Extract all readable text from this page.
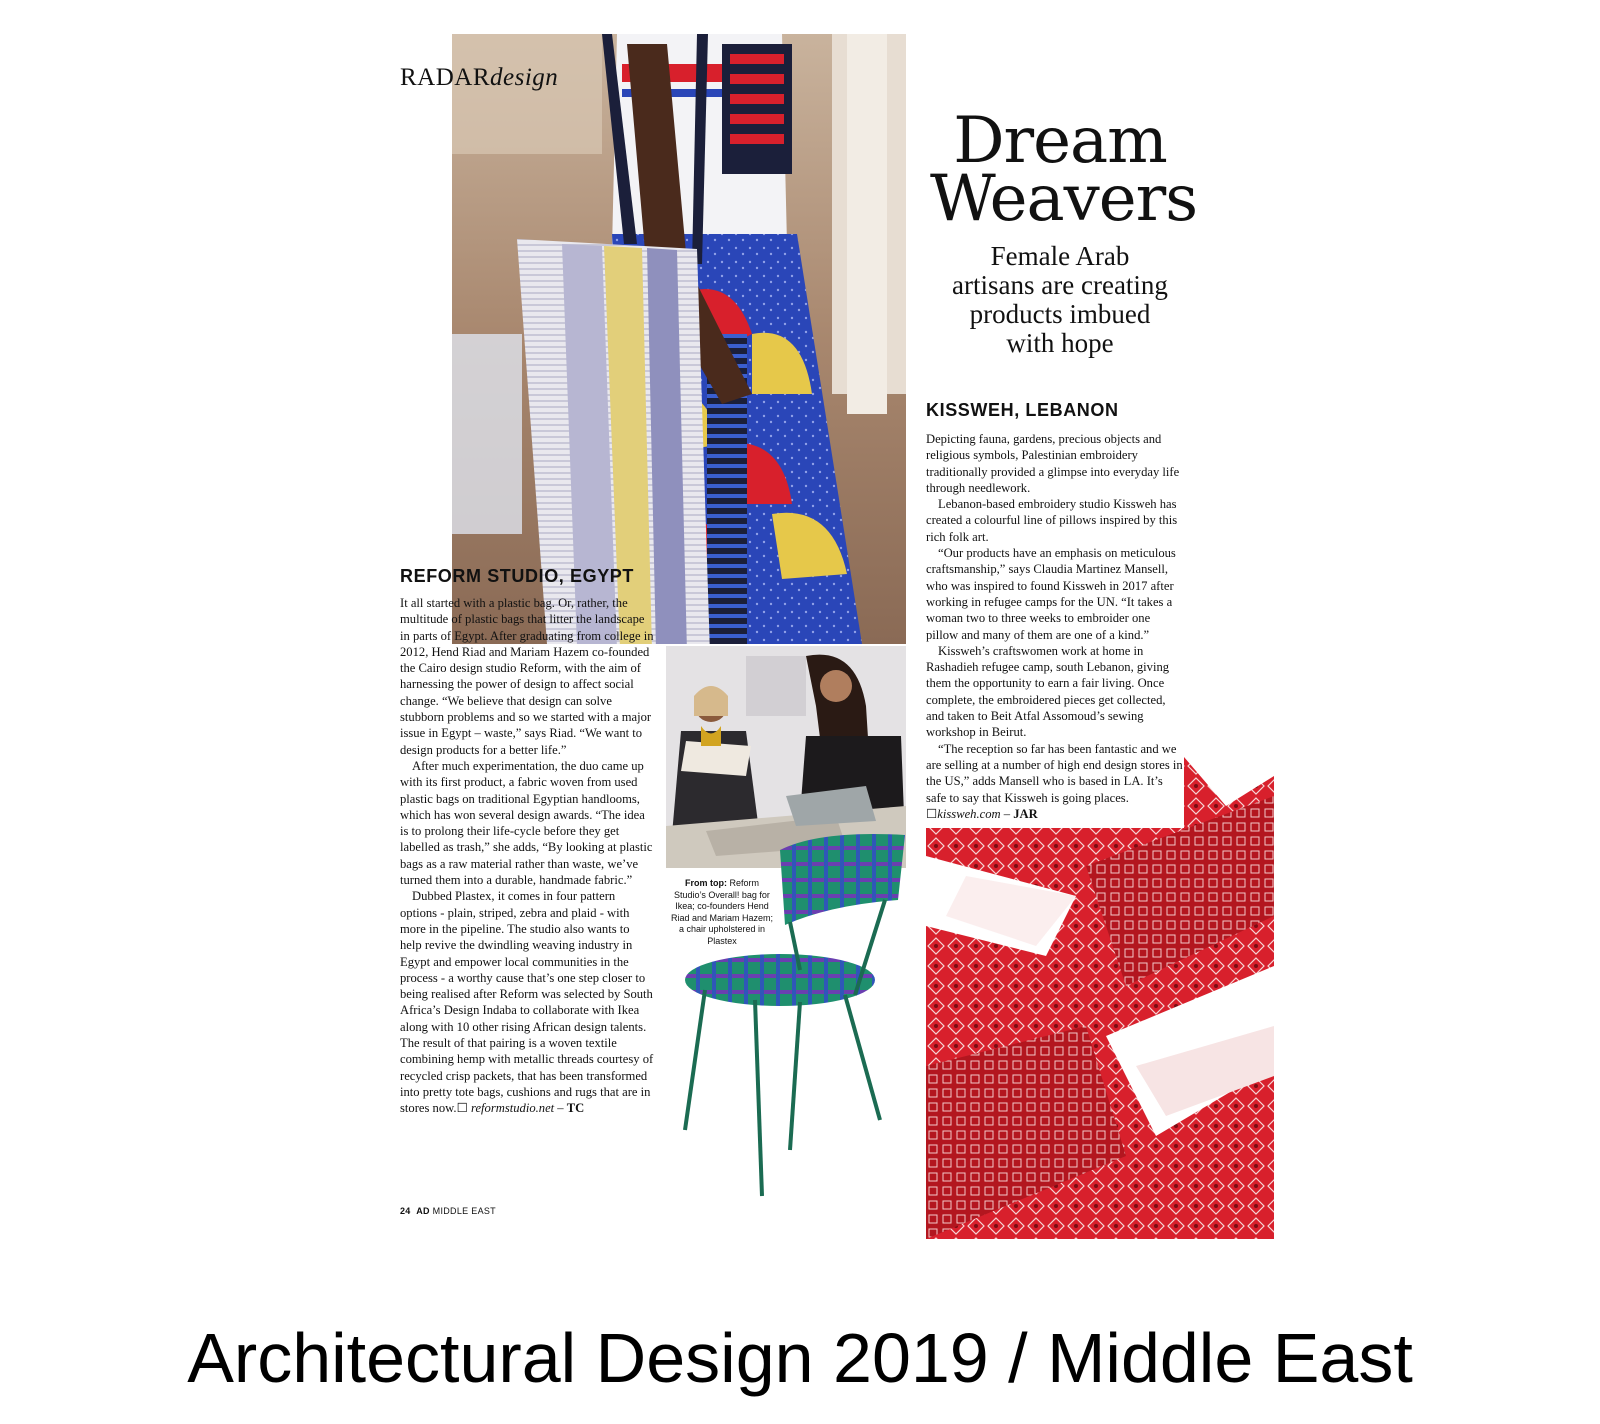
RADARdesign
Dream
Weavers
Female Arab
artisans are creating
products imbued
with hope
KISSWEH, LEBANON

Depicting fauna, gardens, precious objects and religious symbols, Palestinian embroidery traditionally provided a glimpse into everyday life through needlework.

Lebanon-based embroidery studio Kissweh has created a colourful line of pillows inspired by this rich folk art.

“Our products have an emphasis on meticulous craftsmanship,” says Claudia Martinez Mansell, who was inspired to found Kissweh in 2017 after working in refugee camps for the UN. “It takes a woman two to three weeks to embroider one pillow and many of them are one of a kind.”

Kissweh’s craftswomen work at home in Rashadieh refugee camp, south Lebanon, giving them the opportunity to earn a fair living. Once complete, the embroidered pieces get collected, and taken to Beit Atfal Assomoud’s sewing workshop in Beirut.

“The reception so far has been fantastic and we are selling at a number of high end design stores in the US,” adds Mansell who is based in LA. It’s safe to say that Kissweh is going places. ☐kissweh.com – JAR

REFORM STUDIO, EGYPT

It all started with a plastic bag. Or, rather, the multitude of plastic bags that litter the landscape in parts of Egypt. After graduating from college in 2012, Hend Riad and Mariam Hazem co-founded the Cairo design studio Reform, with the aim of harnessing the power of design to affect social change. “We believe that design can solve stubborn problems and so we started with a major issue in Egypt – waste,” says Riad. “We want to design products for a better life.”

After much experimentation, the duo came up with its first product, a fabric woven from used plastic bags on traditional Egyptian handlooms, which has won several design awards. “The idea is to prolong their life-cycle before they get labelled as trash,” she adds, “By looking at plastic bags as a raw material rather than waste, we’ve turned them into a durable, handmade fabric.”

Dubbed Plastex, it comes in four pattern options - plain, striped, zebra and plaid - with more in the pipeline. The studio also wants to help revive the dwindling weaving industry in Egypt and empower local communities in the process - a worthy cause that’s one step closer to being realised after Reform was selected by South Africa’s Design Indaba to collaborate with Ikea along with 10 other rising African design talents. The result of that pairing is a woven textile combining hemp with metallic threads courtesy of recycled crisp packets, that has been transformed into pretty tote bags, cushions and rugs that are in stores now.☐ reformstudio.net – TC

From top: Reform Studio’s Overall! bag for Ikea; co-founders Hend Riad and Mariam Hazem; a chair upholstered in Plastex
24 AD MIDDLE EAST
Architectural Design 2019 / Middle East
